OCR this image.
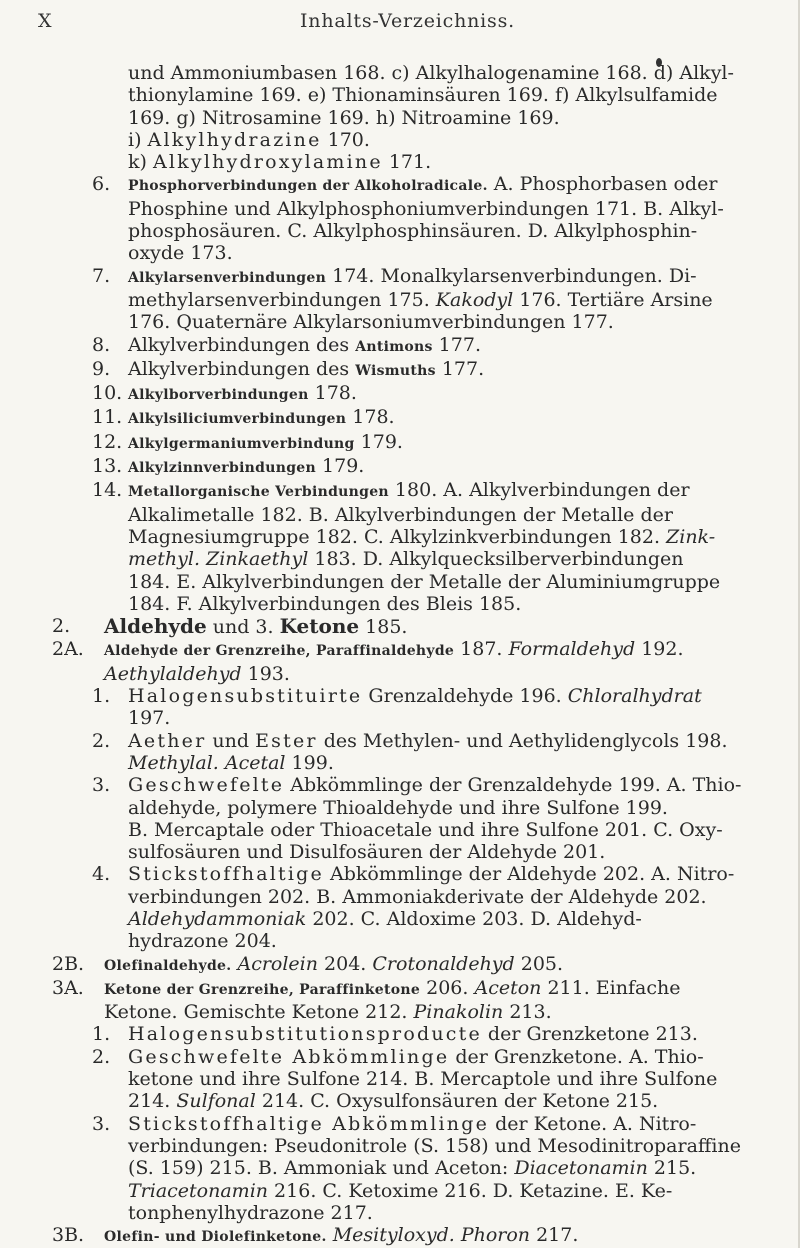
X	Inhalts-Verzeichniss.
und Ammoniumbasen 168. c) Alkylhalogenamine 168. d) Alkyl-
thionylamine 169. e) Thionaminsäuren 169. f) Alkylsulfamide
169. g) Nitrosamine 169. h) Nitroamine 169.
i) Alkylhydrazine 170.
k) Alkylhydroxylamine 171.
6.	Phosphorverbindungen der Alkoholradicale. A. Phosphorbasen oder
Phosphine und Alkylphosphoniumverbindungen 171. B. Alkyl-
phosphosäuren. C. Alkylphosphinsäuren. D. Alkylphosphin-
oxyde 173.
7.	Alkylarsenverbindungen 174. Monalkylarsenverbindungen. Di-
methylarsenverbindungen 175. Kakodyl 176. Tertiäre Arsine
176. Quaternäre Alkylarsoniumverbindungen 177.
8. Alkylverbindungen des Antimons 177.
9. Alkylverbindungen des Wismuths 177.
10. Alkylborverbindungen 178.
11. Alkylsiliciumverbindungen 178.
12. Alkylgermaniumverbindung 179.
13. Alkylzinnverbindungen 179.
14. Metallorganische Verbindungen 180. A. Alkylverbindungen der
Alkalimetalle 182. B. Alkylverbindungen der Metalle der
Magnesiumgruppe 182. C. Alkylzinkverbindungen 182. Zink-
methyl. Zinkaethyl 183. D. Alkylquecksilberverbindungen
184. E. Alkylverbindungen der Metalle der Aluminiumgruppe
184. F. Alkylverbindungen des Bleis 185.
2.	Aldehyde und 3. Ketone 185.
2A.	Aldehyde der Grenzreihe, Paraffinaldehyde 187. Formaldehyd 192.
Aethylaldehyd 193.
1. Halogensubstituirte Grenzaldehyde 196. Chloralhydrat
197.
2. Aether und Ester des Methylen- und Aethylidenglycols 198.
Methylal. Acetal 199.
3. Geschwefelte Abkömmlinge der Grenzaldehyde 199. A. Thio-
aldehyde, polymere Thioaldehyde und ihre Sulfone 199.
B. Mercaptale oder Thioacetale und ihre Sulfone 201. C. Oxy-
sulfosäuren und Disulfosäuren der Aldehyde 201.
4. Stickstoffhaltige Abkömmlinge der Aldehyde 202. A. Nitro-
verbindungen 202. B. Ammoniakderivate der Aldehyde 202.
Aldehydammoniak 202. C. Aldoxime 203. D. Aldehyd-
hydrazone 204.
2B.	Olefinaldehyde. Acrolein 204. Crotonaldehyd 205.
3A.	Ketone der Grenzreihe, Paraffinketone 206. Aceton 211. Einfache
Ketone. Gemischte Ketone 212. Pinakolin 213.
1. Halogensubstitutionsproducte der Grenzketone 213.
2. Geschwefelte Abkömmlinge der Grenzketone. A. Thio-
ketone und ihre Sulfone 214. B. Mercaptole und ihre Sulfone
214. Sulfonal 214. C. Oxysulfonsäuren der Ketone 215.
3. Stickstoffhaltige Abkömmlinge der Ketone. A. Nitro-
verbindungen: Pseudonitrole (S. 158) und Mesodinitroparaffine
(S. 159) 215. B. Ammoniak und Aceton: Diacetonamin 215.
Triacetonamin 216. C. Ketoxime 216. D. Ketazine. E. Ke-
tonphenylhydrazone 217.
3B.	Olefin- und Diolefinketone. Mesityloxyd. Phoron 217.
